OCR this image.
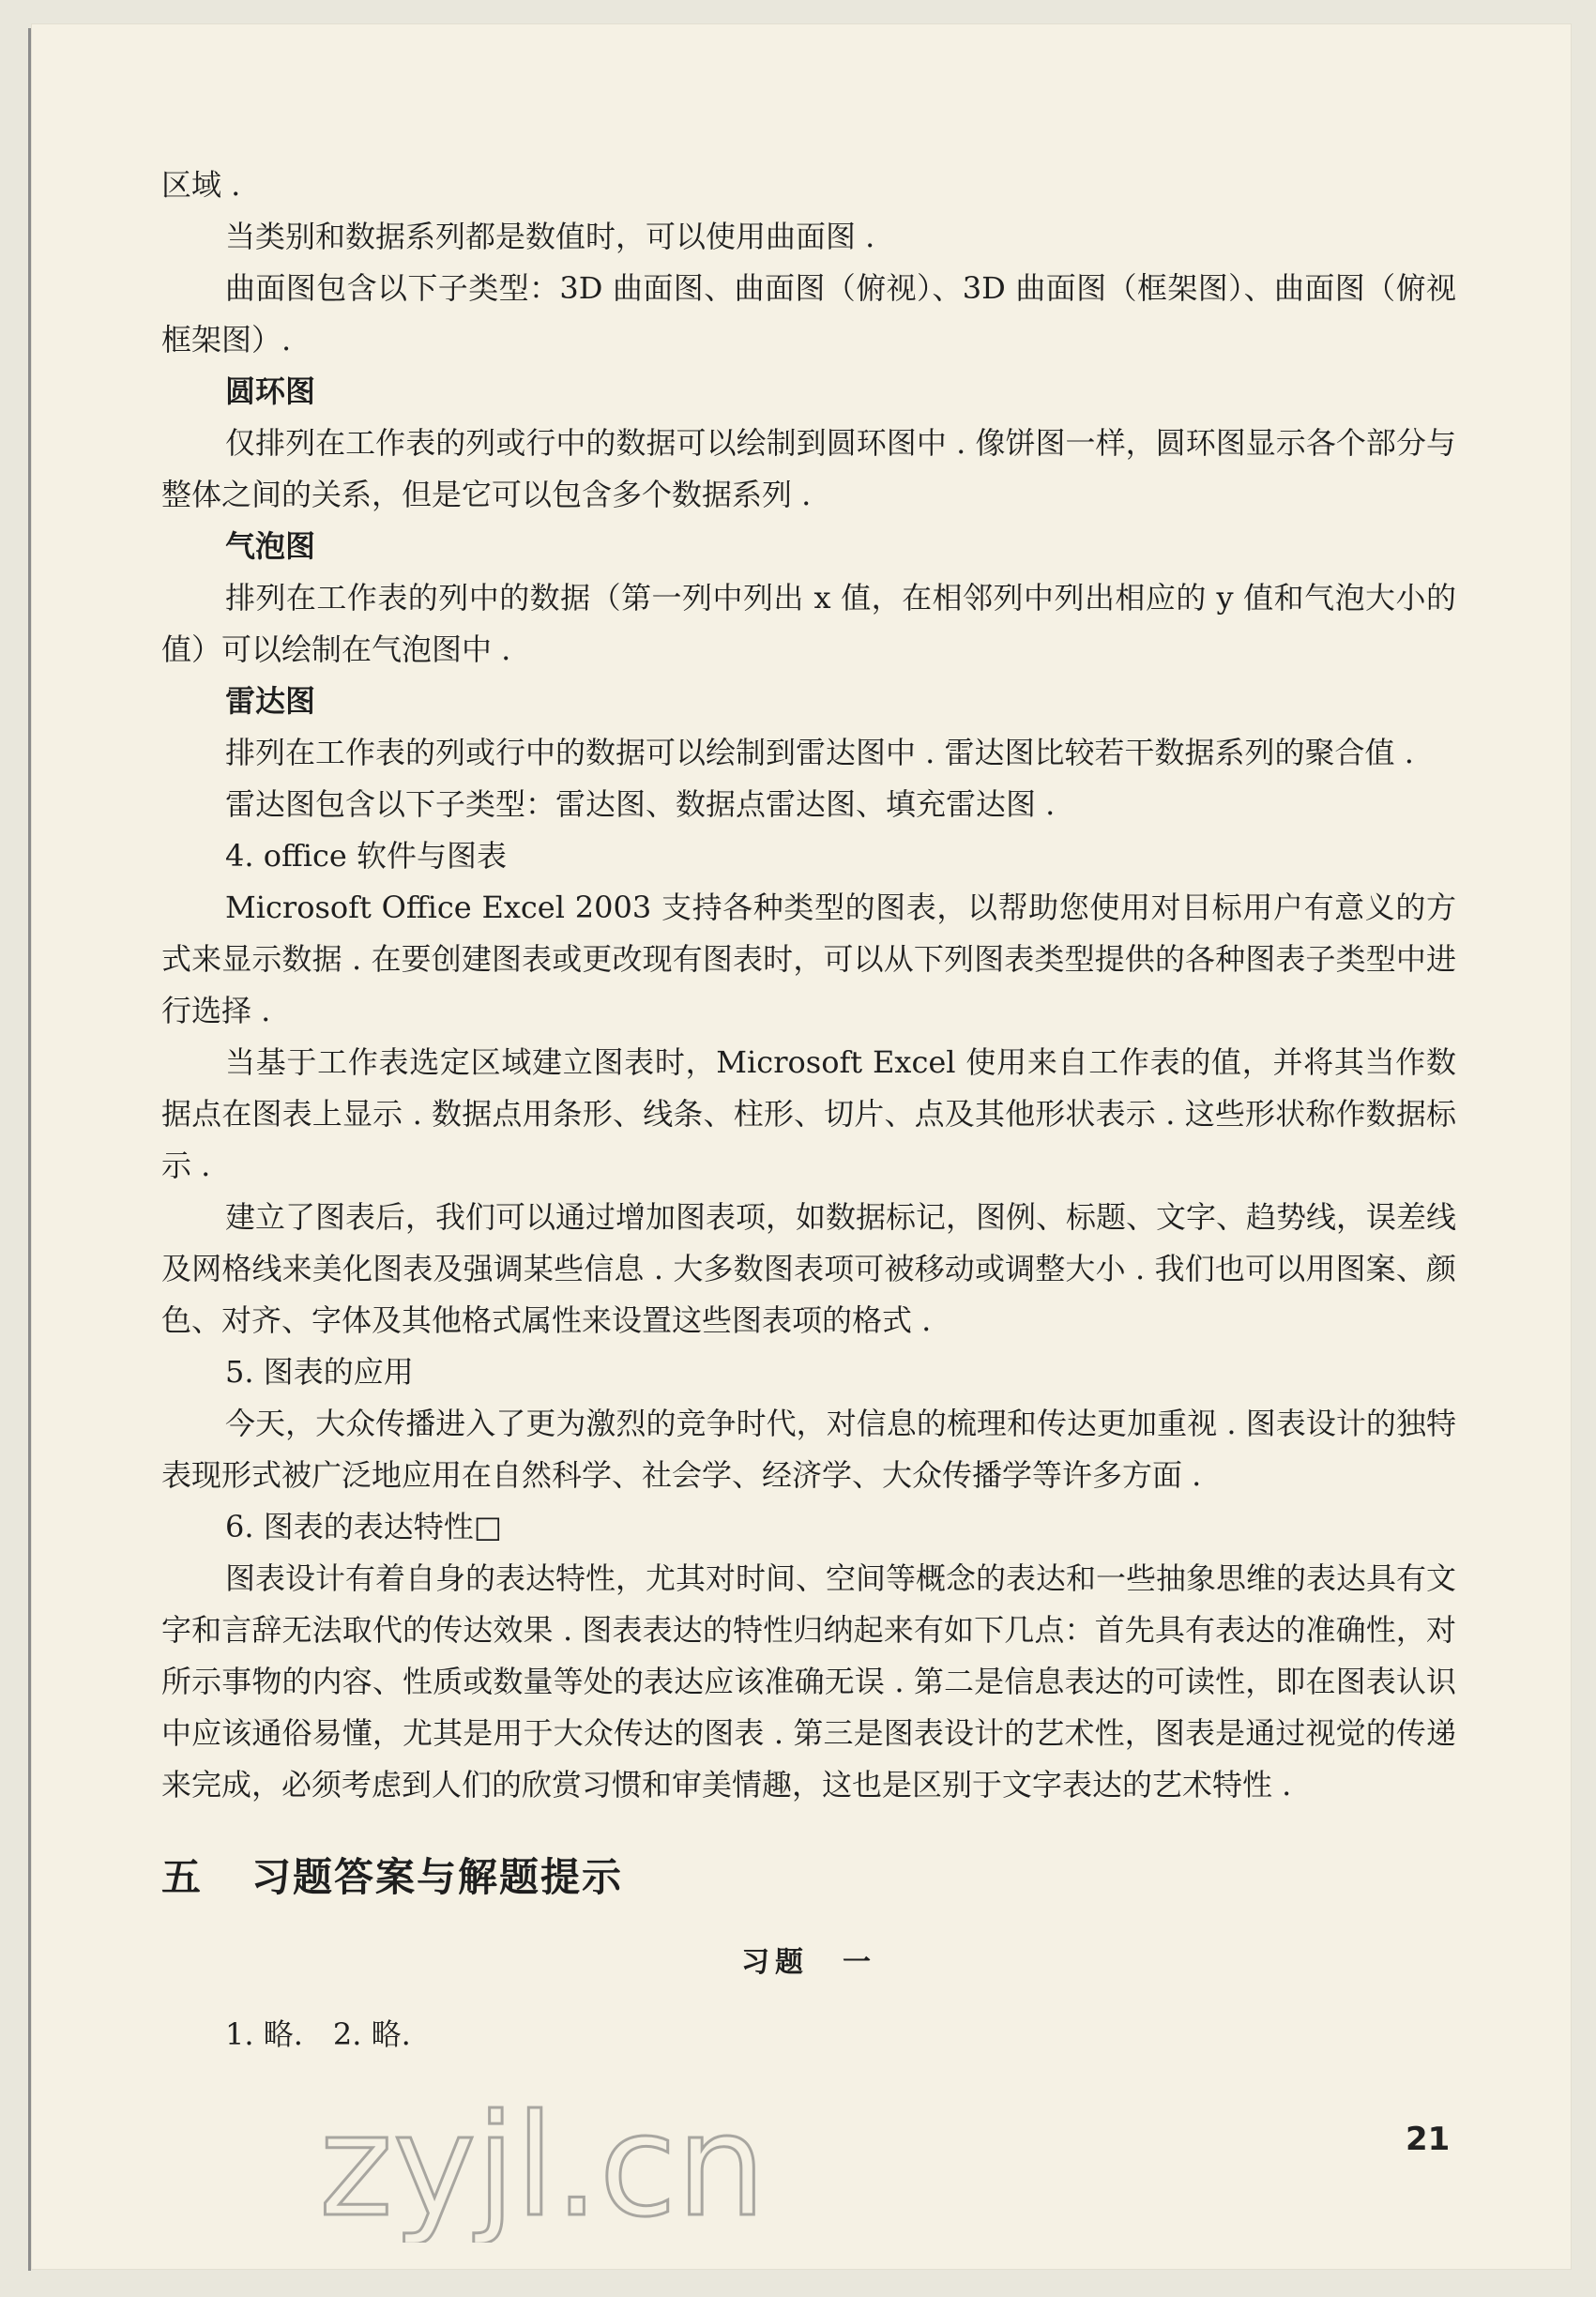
区域 .

当类别和数据系列都是数值时，可以使用曲面图 .

曲面图包含以下子类型：3D 曲面图、曲面图（俯视）、3D 曲面图（框架图）、曲面图（俯视框架图）.

圆环图

仅排列在工作表的列或行中的数据可以绘制到圆环图中 . 像饼图一样，圆环图显示各个部分与整体之间的关系，但是它可以包含多个数据系列 .

气泡图

排列在工作表的列中的数据（第一列中列出 x 值，在相邻列中列出相应的 y 值和气泡大小的值）可以绘制在气泡图中 .

雷达图

排列在工作表的列或行中的数据可以绘制到雷达图中 . 雷达图比较若干数据系列的聚合值 .

雷达图包含以下子类型：雷达图、数据点雷达图、填充雷达图 .

4. office 软件与图表

Microsoft Office Excel 2003 支持各种类型的图表，以帮助您使用对目标用户有意义的方式来显示数据 . 在要创建图表或更改现有图表时，可以从下列图表类型提供的各种图表子类型中进行选择 .

当基于工作表选定区域建立图表时，Microsoft Excel 使用来自工作表的值，并将其当作数据点在图表上显示 . 数据点用条形、线条、柱形、切片、点及其他形状表示 . 这些形状称作数据标示 .

建立了图表后，我们可以通过增加图表项，如数据标记，图例、标题、文字、趋势线，误差线及网格线来美化图表及强调某些信息 . 大多数图表项可被移动或调整大小 . 我们也可以用图案、颜色、对齐、字体及其他格式属性来设置这些图表项的格式 .

5. 图表的应用

今天，大众传播进入了更为激烈的竞争时代，对信息的梳理和传达更加重视 . 图表设计的独特表现形式被广泛地应用在自然科学、社会学、经济学、大众传播学等许多方面 .

6. 图表的表达特性□

图表设计有着自身的表达特性，尤其对时间、空间等概念的表达和一些抽象思维的表达具有文字和言辞无法取代的传达效果 . 图表表达的特性归纳起来有如下几点：首先具有表达的准确性，对所示事物的内容、性质或数量等处的表达应该准确无误 . 第二是信息表达的可读性，即在图表认识中应该通俗易懂，尤其是用于大众传达的图表 . 第三是图表设计的艺术性，图表是通过视觉的传递来完成，必须考虑到人们的欣赏习惯和审美情趣，这也是区别于文字表达的艺术特性 .

五 习题答案与解题提示
习题　一

1. 略.　2. 略.

21
zyjl.cn
